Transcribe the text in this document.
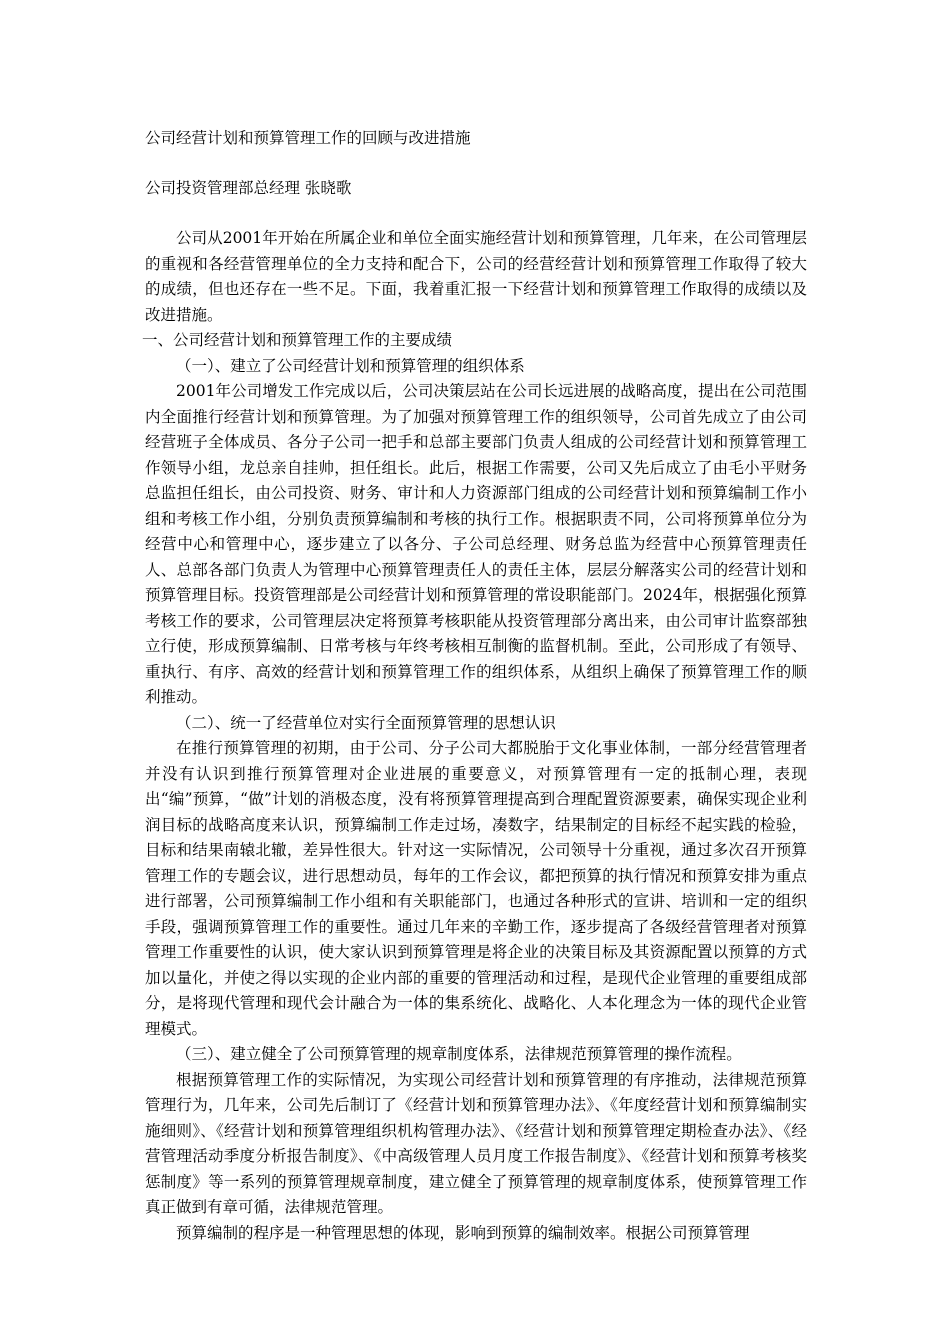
公司经营计划和预算管理工作的回顾与改进措施
公司投资管理部总经理 张晓歌

公司从2001年开始在所属企业和单位全面实施经营计划和预算管理，几年来，在公司管理层的重视和各经营管理单位的全力支持和配合下，公司的经营经营计划和预算管理工作取得了较大的成绩，但也还存在一些不足。下面，我着重汇报一下经营计划和预算管理工作取得的成绩以及改进措施。

一、公司经营计划和预算管理工作的主要成绩

（一）、建立了公司经营计划和预算管理的组织体系

2001年公司增发工作完成以后，公司决策层站在公司长远进展的战略高度，提出在公司范围内全面推行经营计划和预算管理。为了加强对预算管理工作的组织领导，公司首先成立了由公司经营班子全体成员、各分子公司一把手和总部主要部门负责人组成的公司经营计划和预算管理工作领导小组，龙总亲自挂帅，担任组长。此后，根据工作需要，公司又先后成立了由毛小平财务总监担任组长，由公司投资、财务、审计和人力资源部门组成的公司经营计划和预算编制工作小组和考核工作小组，分别负责预算编制和考核的执行工作。根据职责不同，公司将预算单位分为经营中心和管理中心，逐步建立了以各分、子公司总经理、财务总监为经营中心预算管理责任人、总部各部门负责人为管理中心预算管理责任人的责任主体，层层分解落实公司的经营计划和预算管理目标。投资管理部是公司经营计划和预算管理的常设职能部门。2024年，根据强化预算考核工作的要求，公司管理层决定将预算考核职能从投资管理部分离出来，由公司审计监察部独立行使，形成预算编制、日常考核与年终考核相互制衡的监督机制。至此，公司形成了有领导、重执行、有序、高效的经营计划和预算管理工作的组织体系，从组织上确保了预算管理工作的顺利推动。

（二）、统一了经营单位对实行全面预算管理的思想认识

在推行预算管理的初期，由于公司、分子公司大都脱胎于文化事业体制，一部分经营管理者并没有认识到推行预算管理对企业进展的重要意义，对预算管理有一定的抵制心理，表现出“编”预算，“做”计划的消极态度，没有将预算管理提高到合理配置资源要素，确保实现企业利润目标的战略高度来认识，预算编制工作走过场，凑数字，结果制定的目标经不起实践的检验，目标和结果南辕北辙，差异性很大。针对这一实际情况，公司领导十分重视，通过多次召开预算管理工作的专题会议，进行思想动员，每年的工作会议，都把预算的执行情况和预算安排为重点进行部署，公司预算编制工作小组和有关职能部门，也通过各种形式的宣讲、培训和一定的组织手段，强调预算管理工作的重要性。通过几年来的辛勤工作，逐步提高了各级经营管理者对预算管理工作重要性的认识，使大家认识到预算管理是将企业的决策目标及其资源配置以预算的方式加以量化，并使之得以实现的企业内部的重要的管理活动和过程，是现代企业管理的重要组成部分，是将现代管理和现代会计融合为一体的集系统化、战略化、人本化理念为一体的现代企业管理模式。

（三）、建立健全了公司预算管理的规章制度体系，法律规范预算管理的操作流程。

根据预算管理工作的实际情况，为实现公司经营计划和预算管理的有序推动，法律规范预算管理行为，几年来，公司先后制订了《经营计划和预算管理办法》、《年度经营计划和预算编制实施细则》、《经营计划和预算管理组织机构管理办法》、《经营计划和预算管理定期检查办法》、《经营管理活动季度分析报告制度》、《中高级管理人员月度工作报告制度》、《经营计划和预算考核奖惩制度》等一系列的预算管理规章制度，建立健全了预算管理的规章制度体系，使预算管理工作真正做到有章可循，法律规范管理。

预算编制的程序是一种管理思想的体现，影响到预算的编制效率。根据公司预算管理
